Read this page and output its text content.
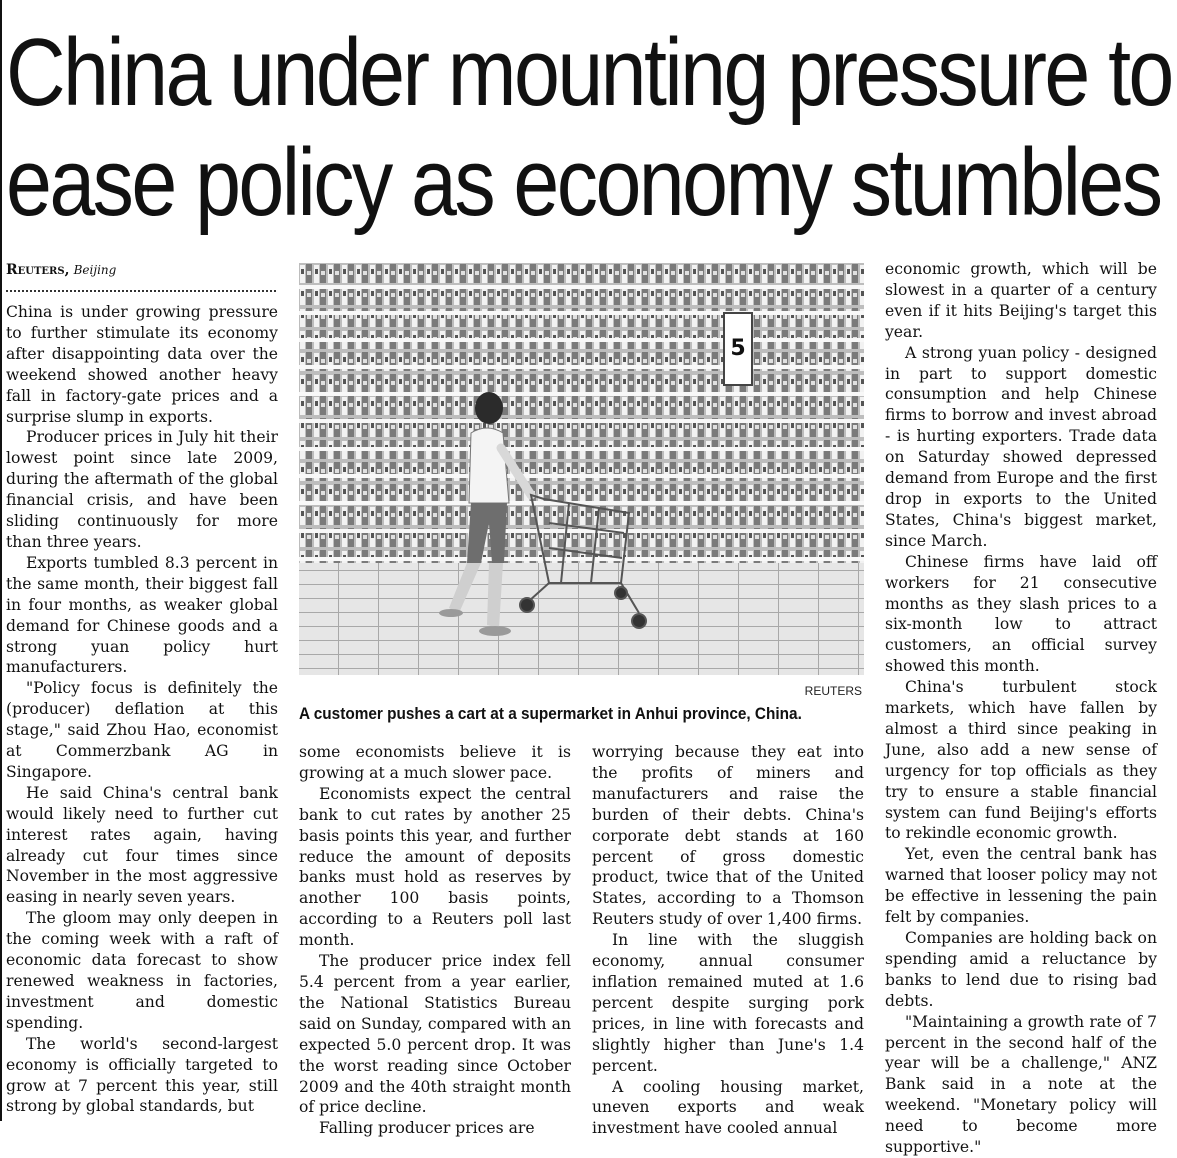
China under mounting pressure to
ease policy as economy stumbles
Reuters, Beijing

China is under growing pressure to further stimulate its economy after disappointing data over the weekend showed another heavy fall in factory-gate prices and a surprise slump in exports.

Producer prices in July hit their lowest point since late 2009, during the aftermath of the global financial crisis, and have been sliding continuously for more than three years.

Exports tumbled 8.3 percent in the same month, their biggest fall in four months, as weaker global demand for Chinese goods and a strong yuan policy hurt manufacturers.

"Policy focus is definitely the (producer) deflation at this stage," said Zhou Hao, economist at Commerzbank AG in Singapore.

He said China's central bank would likely need to further cut interest rates again, having already cut four times since November in the most aggressive easing in nearly seven years.

The gloom may only deepen in the coming week with a raft of economic data forecast to show renewed weakness in factories, investment and domestic spending.

The world's second-largest economy is officially targeted to grow at 7 percent this year, still strong by global standards, but

5
REUTERS
A customer pushes a cart at a supermarket in Anhui province, China.

some economists believe it is growing at a much slower pace.

Economists expect the central bank to cut rates by another 25 basis points this year, and further reduce the amount of deposits banks must hold as reserves by another 100 basis points, according to a Reuters poll last month.

The producer price index fell 5.4 percent from a year earlier, the National Statistics Bureau said on Sunday, compared with an expected 5.0 percent drop. It was the worst reading since October 2009 and the 40th straight month of price decline.

Falling producer prices are

worrying because they eat into the profits of miners and manufacturers and raise the burden of their debts. China's corporate debt stands at 160 percent of gross domestic product, twice that of the United States, according to a Thomson Reuters study of over 1,400 firms.

In line with the sluggish economy, annual consumer inflation remained muted at 1.6 percent despite surging pork prices, in line with forecasts and slightly higher than June's 1.4 percent.

A cooling housing market, uneven exports and weak investment have cooled annual

economic growth, which will be slowest in a quarter of a century even if it hits Beijing's target this year.

A strong yuan policy - designed in part to support domestic consumption and help Chinese firms to borrow and invest abroad - is hurting exporters. Trade data on Saturday showed depressed demand from Europe and the first drop in exports to the United States, China's biggest market, since March.

Chinese firms have laid off workers for 21 consecutive months as they slash prices to a six-month low to attract customers, an official survey showed this month.

China's turbulent stock markets, which have fallen by almost a third since peaking in June, also add a new sense of urgency for top officials as they try to ensure a stable financial system can fund Beijing's efforts to rekindle economic growth.

Yet, even the central bank has warned that looser policy may not be effective in lessening the pain felt by companies.

Companies are holding back on spending amid a reluctance by banks to lend due to rising bad debts.

"Maintaining a growth rate of 7 percent in the second half of the year will be a challenge," ANZ Bank said in a note at the weekend. "Monetary policy will need to become more supportive."
